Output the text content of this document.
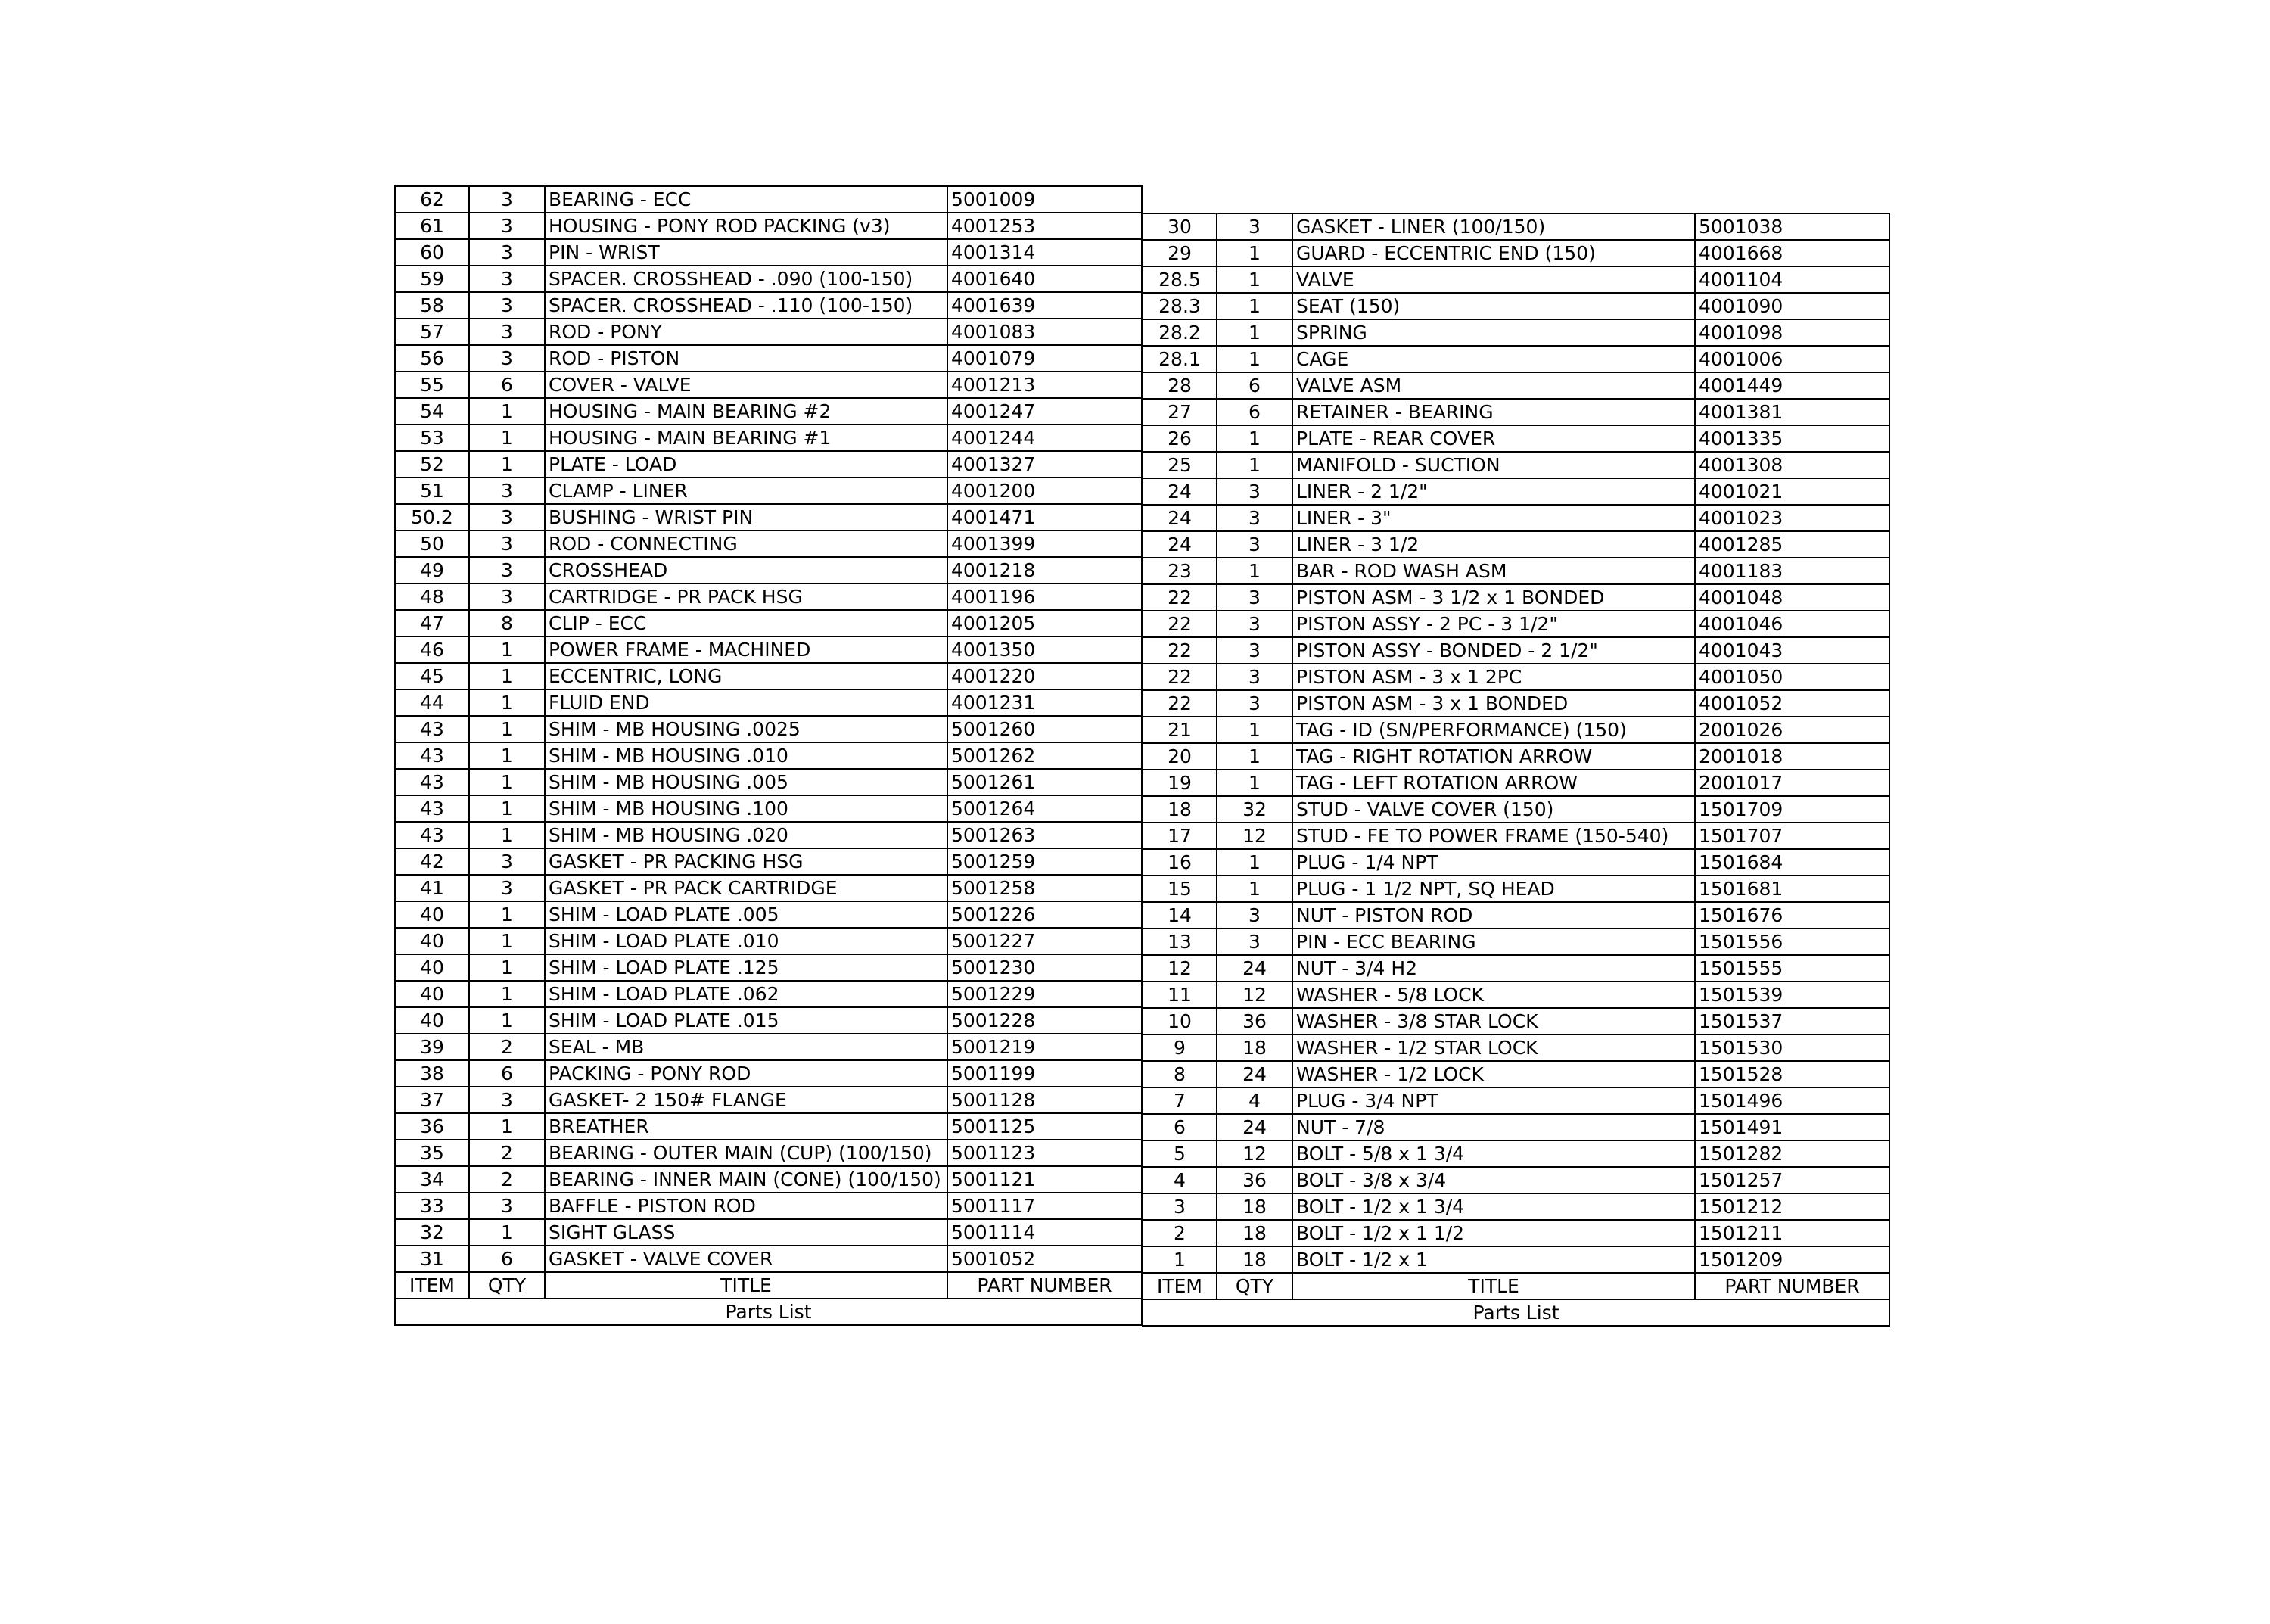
62	3	BEARING - ECC	5001009
61	3	HOUSING - PONY ROD PACKING (v3)	4001253
60	3	PIN - WRIST	4001314
59	3	SPACER. CROSSHEAD - .090 (100-150)	4001640
58	3	SPACER. CROSSHEAD - .110 (100-150)	4001639
57	3	ROD - PONY	4001083
56	3	ROD - PISTON	4001079
55	6	COVER - VALVE	4001213
54	1	HOUSING - MAIN BEARING #2	4001247
53	1	HOUSING - MAIN BEARING #1	4001244
52	1	PLATE - LOAD	4001327
51	3	CLAMP - LINER	4001200
50.2	3	BUSHING - WRIST PIN	4001471
50	3	ROD - CONNECTING	4001399
49	3	CROSSHEAD	4001218
48	3	CARTRIDGE - PR PACK HSG	4001196
47	8	CLIP - ECC	4001205
46	1	POWER FRAME - MACHINED	4001350
45	1	ECCENTRIC, LONG	4001220
44	1	FLUID END	4001231
43	1	SHIM - MB HOUSING .0025	5001260
43	1	SHIM - MB HOUSING .010	5001262
43	1	SHIM - MB HOUSING .005	5001261
43	1	SHIM - MB HOUSING .100	5001264
43	1	SHIM - MB HOUSING .020	5001263
42	3	GASKET - PR PACKING HSG	5001259
41	3	GASKET - PR PACK CARTRIDGE	5001258
40	1	SHIM - LOAD PLATE .005	5001226
40	1	SHIM - LOAD PLATE .010	5001227
40	1	SHIM - LOAD PLATE .125	5001230
40	1	SHIM - LOAD PLATE .062	5001229
40	1	SHIM - LOAD PLATE .015	5001228
39	2	SEAL - MB	5001219
38	6	PACKING - PONY ROD	5001199
37	3	GASKET- 2 150# FLANGE	5001128
36	1	BREATHER	5001125
35	2	BEARING - OUTER MAIN (CUP) (100/150)	5001123
34	2	BEARING - INNER MAIN (CONE) (100/150)	5001121
33	3	BAFFLE - PISTON ROD	5001117
32	1	SIGHT GLASS	5001114
31	6	GASKET - VALVE COVER	5001052
ITEM	QTY	TITLE	PART NUMBER
Parts List			
30	3	GASKET - LINER (100/150)	5001038
29	1	GUARD - ECCENTRIC END (150)	4001668
28.5	1	VALVE	4001104
28.3	1	SEAT (150)	4001090
28.2	1	SPRING	4001098
28.1	1	CAGE	4001006
28	6	VALVE ASM	4001449
27	6	RETAINER - BEARING	4001381
26	1	PLATE - REAR COVER	4001335
25	1	MANIFOLD - SUCTION	4001308
24	3	LINER - 2 1/2"	4001021
24	3	LINER - 3"	4001023
24	3	LINER - 3 1/2	4001285
23	1	BAR - ROD WASH ASM	4001183
22	3	PISTON ASM - 3 1/2 x 1 BONDED	4001048
22	3	PISTON ASSY - 2 PC - 3 1/2"	4001046
22	3	PISTON ASSY - BONDED - 2 1/2"	4001043
22	3	PISTON ASM - 3 x 1 2PC	4001050
22	3	PISTON ASM - 3 x 1 BONDED	4001052
21	1	TAG - ID (SN/PERFORMANCE) (150)	2001026
20	1	TAG - RIGHT ROTATION ARROW	2001018
19	1	TAG - LEFT ROTATION ARROW	2001017
18	32	STUD - VALVE COVER (150)	1501709
17	12	STUD - FE TO POWER FRAME (150-540)	1501707
16	1	PLUG - 1/4 NPT	1501684
15	1	PLUG - 1 1/2 NPT, SQ HEAD	1501681
14	3	NUT - PISTON ROD	1501676
13	3	PIN - ECC BEARING	1501556
12	24	NUT - 3/4 H2	1501555
11	12	WASHER - 5/8 LOCK	1501539
10	36	WASHER - 3/8 STAR LOCK	1501537
9	18	WASHER - 1/2 STAR LOCK	1501530
8	24	WASHER - 1/2 LOCK	1501528
7	4	PLUG - 3/4 NPT	1501496
6	24	NUT - 7/8	1501491
5	12	BOLT - 5/8 x 1 3/4	1501282
4	36	BOLT - 3/8 x 3/4	1501257
3	18	BOLT - 1/2 x 1 3/4	1501212
2	18	BOLT - 1/2 x 1 1/2	1501211
1	18	BOLT - 1/2 x 1	1501209
ITEM	QTY	TITLE	PART NUMBER
Parts List			
